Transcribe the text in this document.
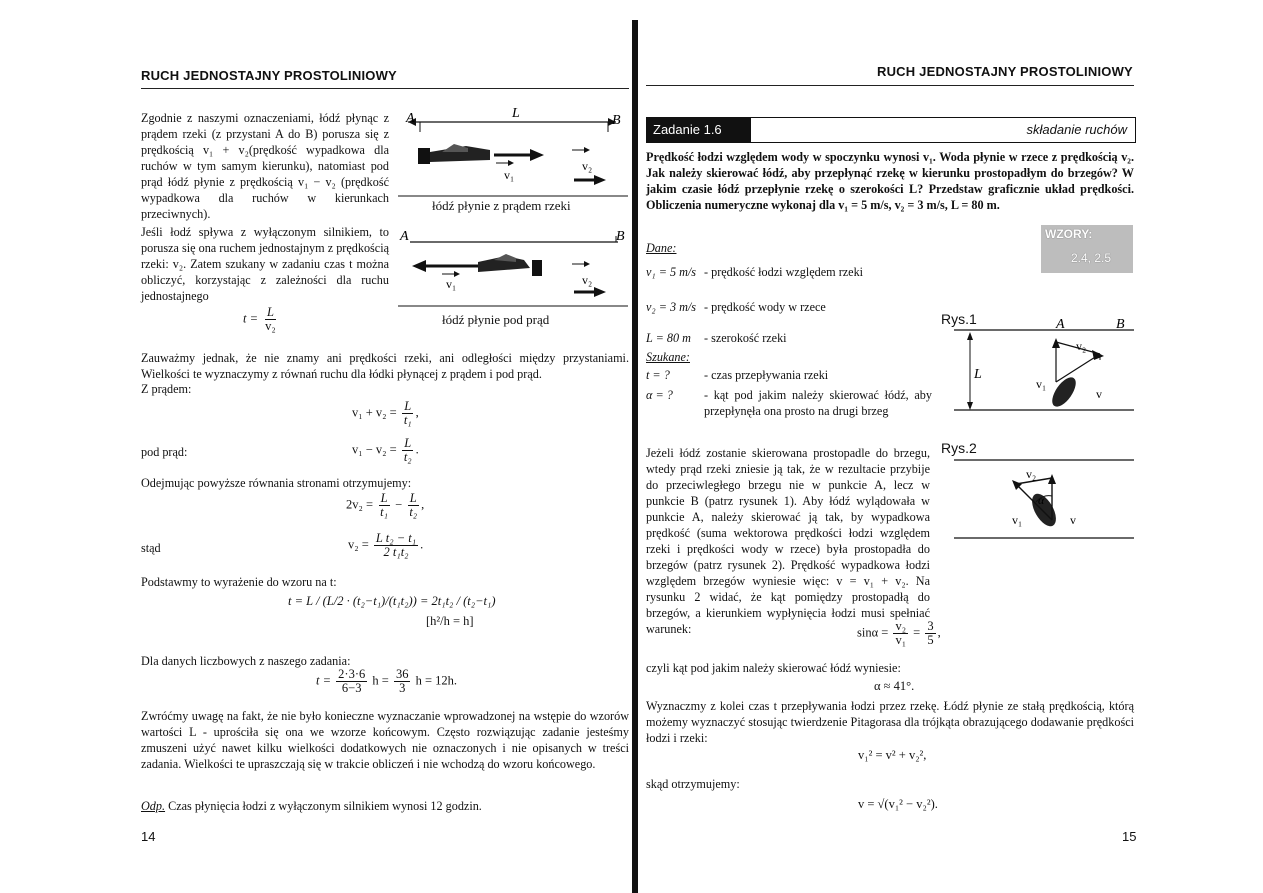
RUCH JEDNOSTAJNY PROSTOLINIOWY
Zgodnie z naszymi oznaczeniami, łódź płynąc z prądem rzeki (z przystani A do B) porusza się z prędkością v₁ + v₂(prędkość wypadkowa dla ruchów w tym samym kierunku), natomiast pod prąd łódź płynie z prędkością v₁ − v₂ (prędkość wypadkowa dla ruchów w kierunkach przeciwnych).
Jeśli łodź spływa z wyłączonym silnikiem, to porusza się ona ruchem jednostajnym z prędkością rzeki: v₂. Zatem szukany w zadaniu czas t można obliczyć, korzystając z zależności dla ruchu jednostajnego
$t = \frac{L}{\text{v₂}}$
A	L	B
v₁
v₂
łódź płynie z prądem rzeki
A	B
v₁	v₂
łódź płynie pod prąd
Zauważmy jednak, że nie znamy ani prędkości rzeki, ani odległości między przystaniami. Wielkości te wyznaczymy z równań ruchu dla łódki płynącej z prądem i pod prąd.
Z prądem:
$v_1 + v_2 = \frac{L}{\text{t₁}}$ ,
pod prąd:	$v_1 - v_2 = \frac{L}{\text{t₂}}$ .
Odejmując powyższe równania stronami otrzymujemy:
$2v_2 = \frac{L}{\text{t₁}} - \frac{L}{\text{t₂}}$ ,
stąd	$v_2 = \frac{\text{L t₂ − t₁}}{\text{2 t₁t₂}}$ .
Podstawmy to wyrażenie do wzoru na t:
t = L / (L/2 · (t₂−t₁)/(t₁t₂)) = 2t₁t₂ / (t₂−t₁)
[h²/h = h]
Dla danych liczbowych z naszego zadania:
$t = \frac{2\cdot 3\cdot 6}{6-3}$ $h = \frac{36}{3}$ h = 12h.
Zwróćmy uwagę na fakt, że nie było konieczne wyznaczanie wprowadzonej na wstępie do wzorów wartości L - uprościła się ona we wzorze końcowym. Często rozwiązując zadanie jesteśmy zmuszeni użyć nawet kilku wielkości dodatkowych nie oznaczonych i nie opisanych w treści zadania. Wielkości te upraszczają się w trakcie obliczeń i nie wchodzą do wzoru końcowego.
Odp. Czas płynięcia łodzi z wyłączonym silnikiem wynosi 12 godzin.
14
RUCH JEDNOSTAJNY PROSTOLINIOWY
Zadanie 1.6	składanie ruchów
Prędkość łodzi względem wody w spoczynku wynosi v₁. Woda płynie w rzece z prędkością v₂. Jak należy skierować łódź, aby przepłynąć rzekę w kierunku prostopadłym do brzegów? W jakim czasie łódź przepłynie rzekę o szerokości L? Przedstaw graficznie układ prędkości. Obliczenia numeryczne wykonaj dla v₁ = 5 m/s, v₂ = 3 m/s, L = 80 m.
WZORY:
2.4, 2.5
Dane:
v₁ = 5 m/s - prędkość łodzi względem rzeki
v₂ = 3 m/s - prędkość wody w rzece
L = 80 m - szerokość rzeki
Szukane:
t = ?	- czas przepływania rzeki
α = ?	- kąt pod jakim należy skierować łódź, aby przepłynęła ona prosto na drugi brzeg
Rys.1
L
A	B
v₂
v₁
v
Rys.2
α
v₂
v₁	v
Jeżeli łódź zostanie skierowana prostopadle do brzegu, wtedy prąd rzeki zniesie ją tak, że w rezultacie przybije do przeciwległego brzegu nie w punkcie A, lecz w punkcie B (patrz rysunek 1). Aby łódź wylądowała w punkcie A, należy skierować ją tak, by wypadkowa prędkość (suma wektorowa prędkości łodzi względem rzeki i prędkości wody w rzece) była prostopadła do brzegów (patrz rysunek 2). Prędkość wypadkowa łodzi względem brzegów wyniesie więc: v = v₁ + v₂. Na rysunku 2 widać, że kąt pomiędzy prostopadłą do brzegów, a kierunkiem wypłynięcia łodzi musi spełniać warunek:	$\sin\alpha = \frac{\text{v₂}}{\text{v₁}} = \frac{3}{5}$ ,
czyli kąt pod jakim należy skierować łódź wyniesie:
α ≈ 41°.
Wyznaczmy z kolei czas t przepływania łodzi przez rzekę. Łódź płynie ze stałą prędkością, którą możemy wyznaczyć stosując twierdzenie Pitagorasa dla trójkąta obrazującego dodawanie prędkości łodzi i rzeki:
v₁² = v² + v₂²,
skąd otrzymujemy:
v = √(v₁² − v₂²).
15
